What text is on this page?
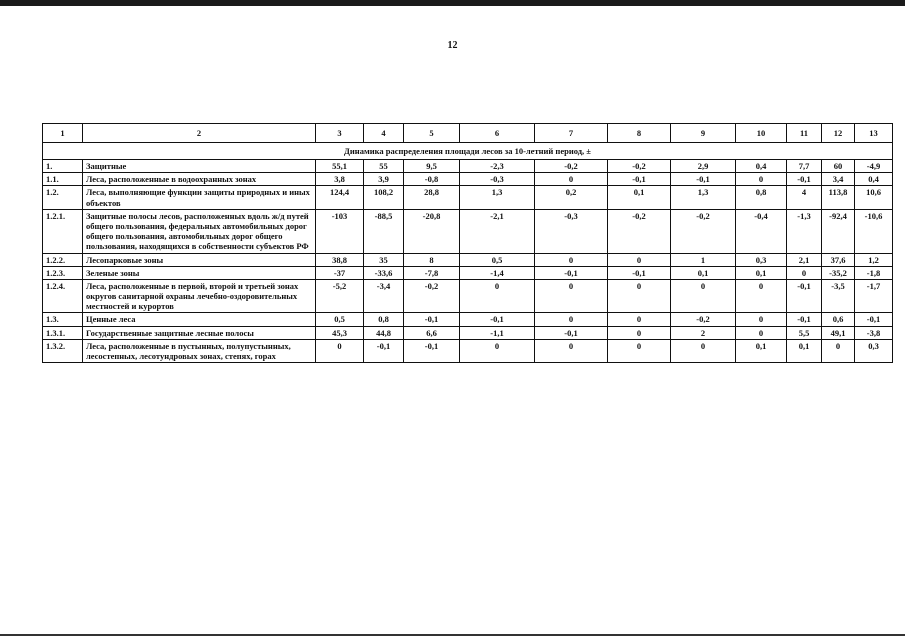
12
1	2	3	4	5	6	7	8	9	10	11	12	13
Динамика распределения площади лесов за 10-летний период, ±												
1.	Защитные	55,1	55	9,5	-2,3	-0,2	-0,2	2,9	0,4	7,7	60	-4,9
1.1.	Леса, расположенные в водоохранных зонах	3,8	3,9	-0,8	-0,3	0	-0,1	-0,1	0	-0,1	3,4	0,4
1.2.	Леса, выполняющие функции защиты природных и иных объектов	124,4	108,2	28,8	1,3	0,2	0,1	1,3	0,8	4	113,8	10,6
1.2.1.	Защитные полосы лесов, расположенных вдоль ж/д путей общего пользования, федеральных автомобильных дорог общего пользования, автомобильных дорог общего пользования, находящихся в собственности субъектов РФ	-103	-88,5	-20,8	-2,1	-0,3	-0,2	-0,2	-0,4	-1,3	-92,4	-10,6
1.2.2.	Лесопарковые зоны	38,8	35	8	0,5	0	0	1	0,3	2,1	37,6	1,2
1.2.3.	Зеленые зоны	-37	-33,6	-7,8	-1,4	-0,1	-0,1	0,1	0,1	0	-35,2	-1,8
1.2.4.	Леса, расположенные в первой, второй и третьей зонах округов санитарной охраны лечебно-оздоровительных местностей и курортов	-5,2	-3,4	-0,2	0	0	0	0	0	-0,1	-3,5	-1,7
1.3.	Ценные леса	0,5	0,8	-0,1	-0,1	0	0	-0,2	0	-0,1	0,6	-0,1
1.3.1.	Государственные защитные лесные полосы	45,3	44,8	6,6	-1,1	-0,1	0	2	0	5,5	49,1	-3,8
1.3.2.	Леса, расположенные в пустынных, полупустынных, лесостепных, лесотундровых зонах, степях, горах	0	-0,1	-0,1	0	0	0	0	0,1	0,1	0	0,3
